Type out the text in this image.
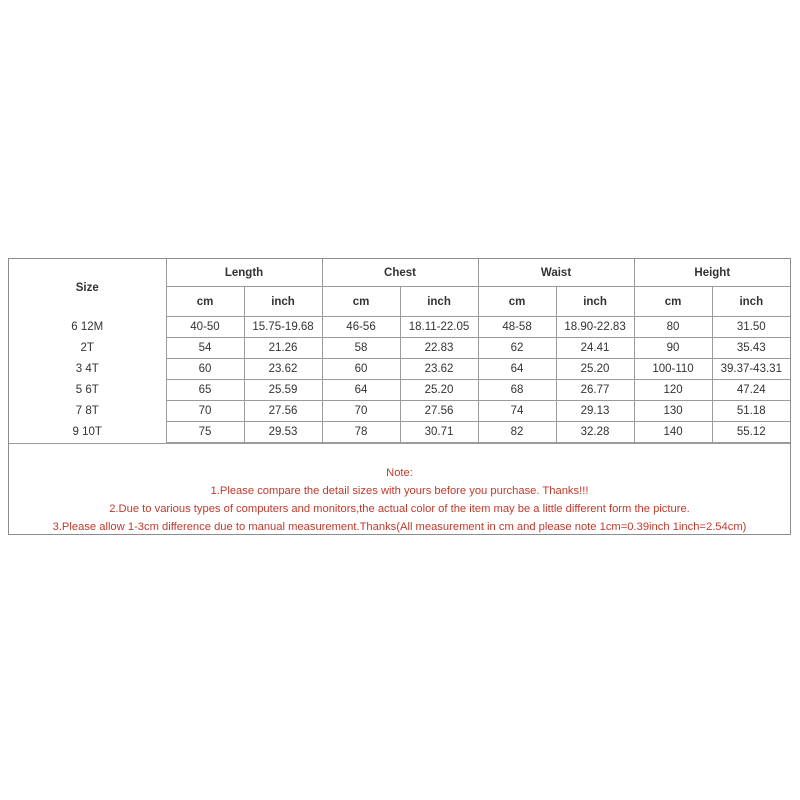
Size	Length		Chest		Waist		Height	
	cm	inch	cm	inch	cm	inch	cm	inch
6 12M	40-50	15.75-19.68	46-56	18.11-22.05	48-58	18.90-22.83	80	31.50
2T	54	21.26	58	22.83	62	24.41	90	35.43
3 4T	60	23.62	60	23.62	64	25.20	100-110	39.37-43.31
5 6T	65	25.59	64	25.20	68	26.77	120	47.24
7 8T	70	27.56	70	27.56	74	29.13	130	51.18
9 10T	75	29.53	78	30.71	82	32.28	140	55.12
Note:
1.Please compare the detail sizes with yours before you purchase. Thanks!!!
2.Due to various types of computers and monitors,the actual color of the item may be a little different form the picture.
3.Please allow 1-3cm difference due to manual measurement.Thanks(All measurement in cm and please note 1cm=0.39inch 1inch=2.54cm)
